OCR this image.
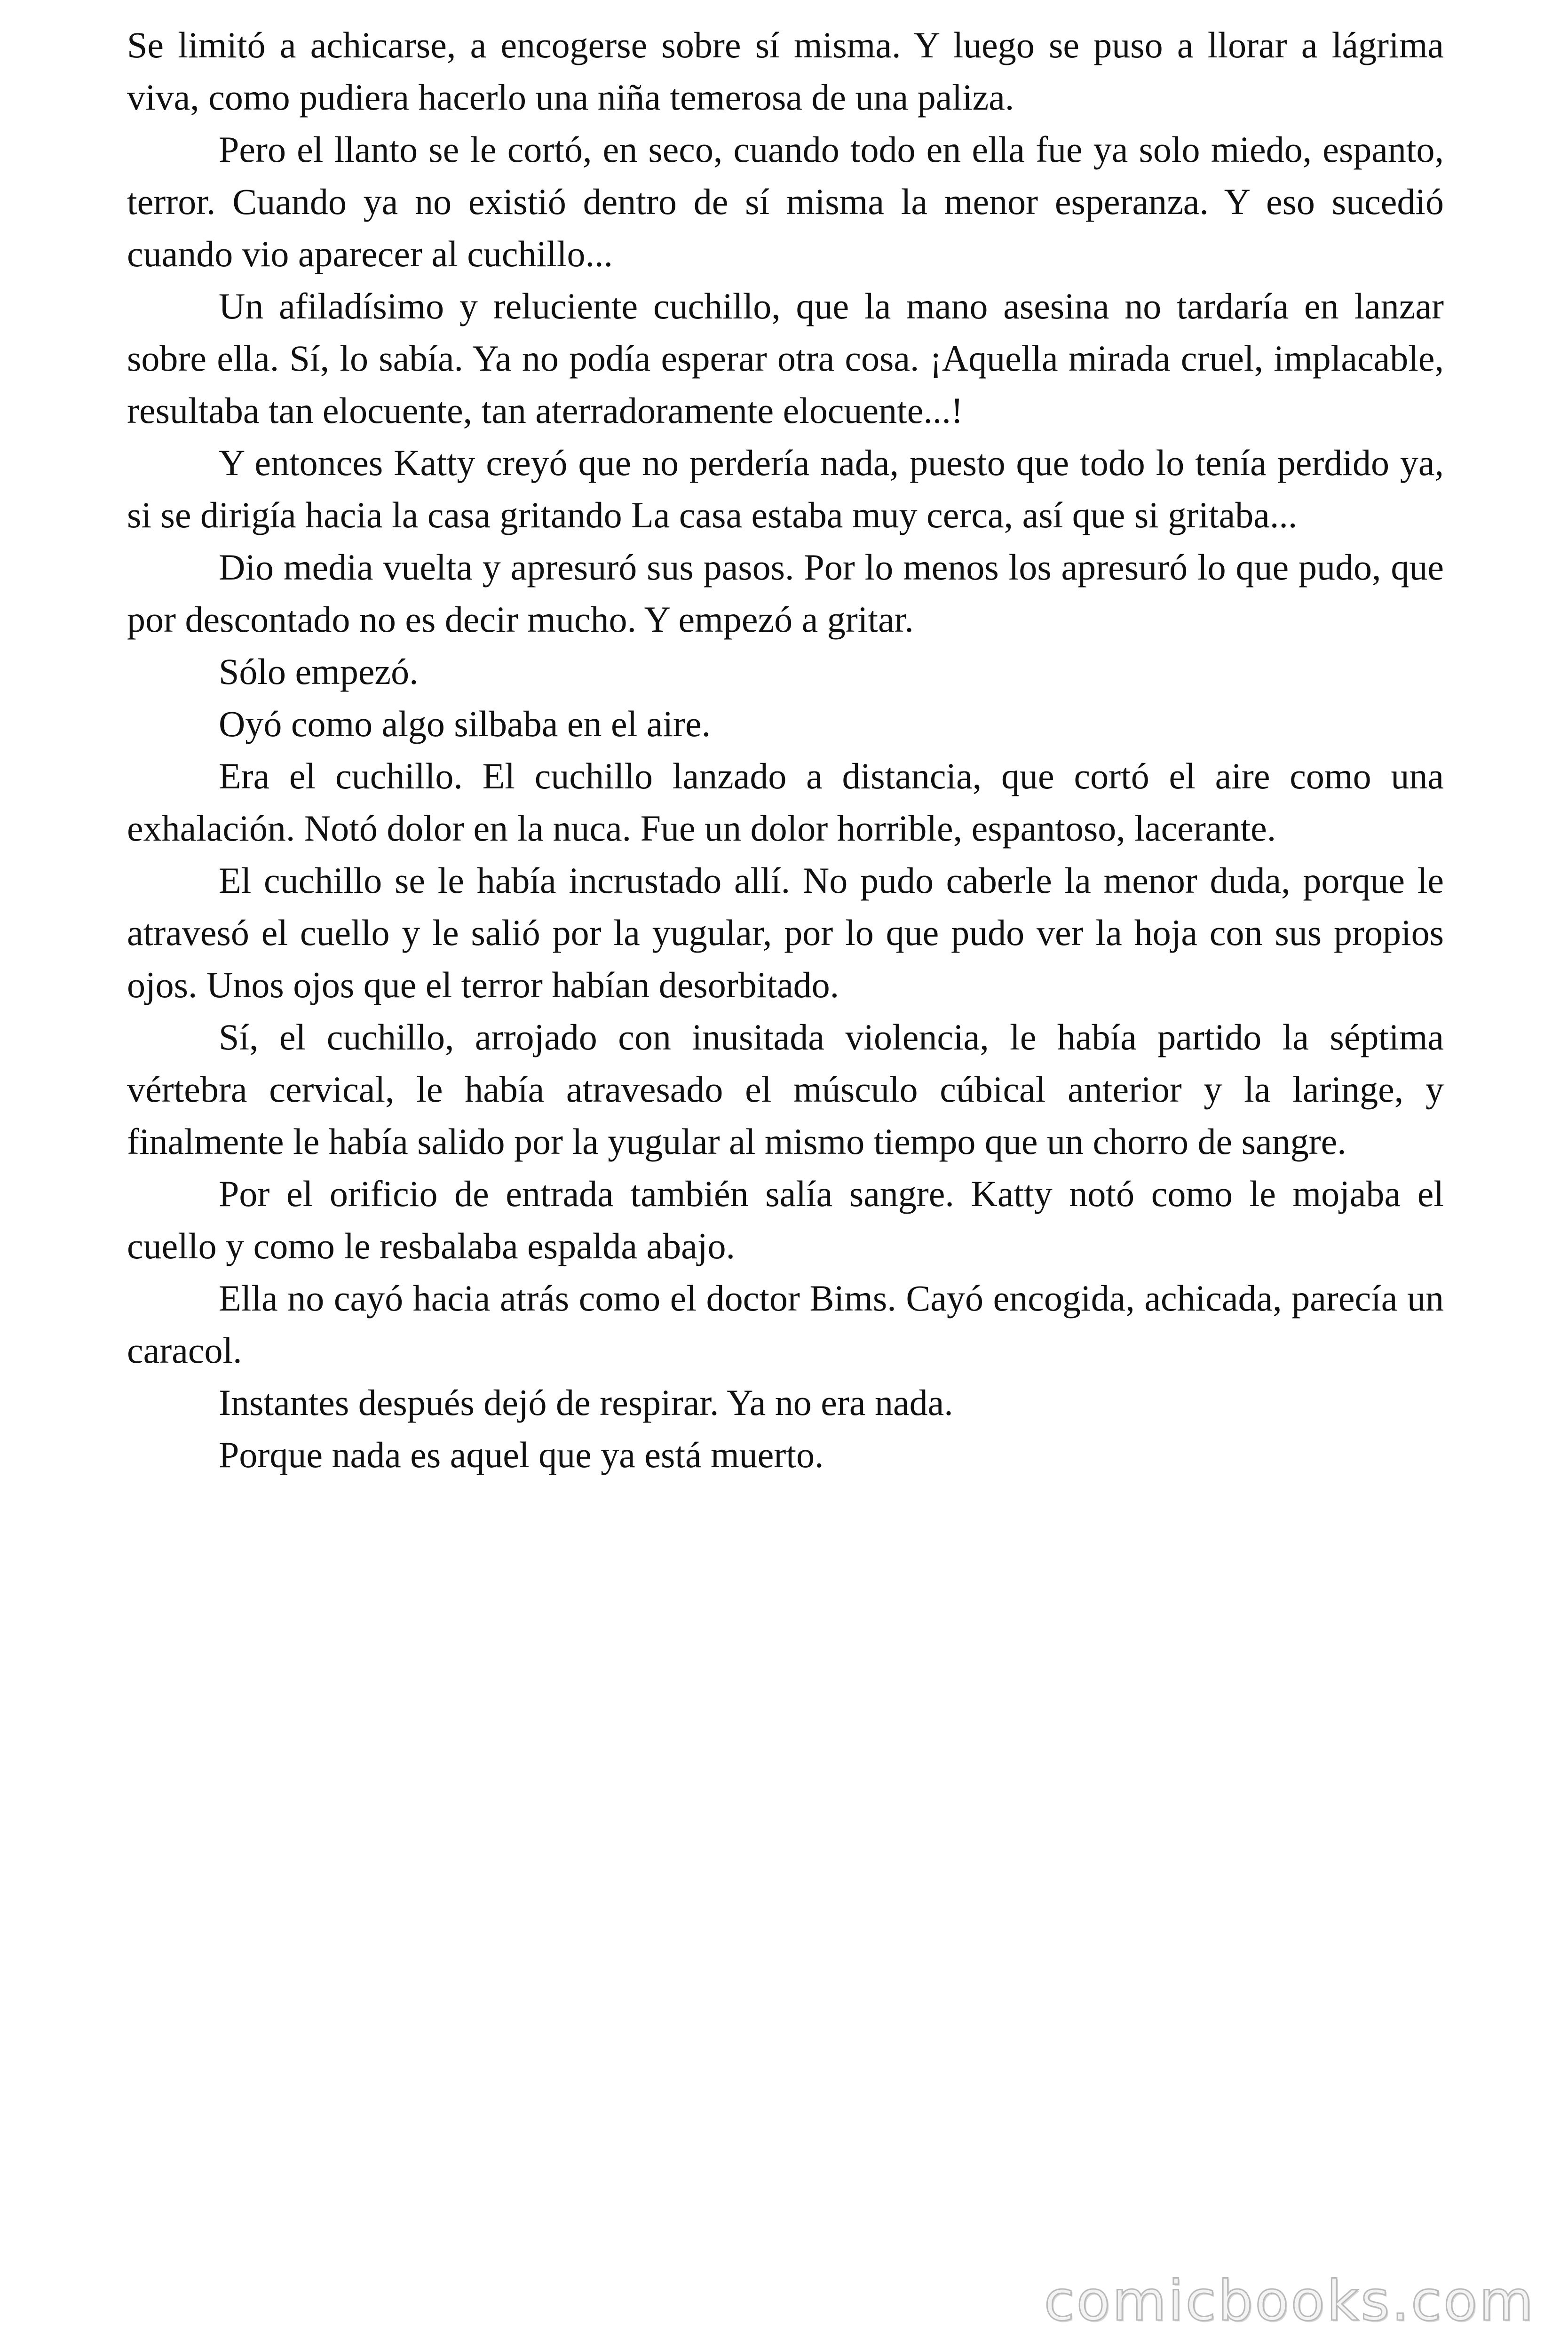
Se limitó a achicarse, a encogerse sobre sí misma. Y luego se puso a llorar a lágrima viva, como pudiera hacerlo una niña temerosa de una paliza.

Pero el llanto se le cortó, en seco, cuando todo en ella fue ya solo miedo, espanto, terror. Cuando ya no existió dentro de sí misma la menor esperanza. Y eso sucedió cuando vio aparecer al cuchillo...

Un afiladísimo y reluciente cuchillo, que la mano asesina no tardaría en lanzar sobre ella. Sí, lo sabía. Ya no podía esperar otra cosa. ¡Aquella mirada cruel, implacable, resultaba tan elocuente, tan aterradoramente elocuente...!

Y entonces Katty creyó que no perdería nada, puesto que todo lo tenía perdido ya, si se dirigía hacia la casa gritando La casa estaba muy cerca, así que si gritaba...

Dio media vuelta y apresuró sus pasos. Por lo menos los apresuró lo que pudo, que por descontado no es decir mucho. Y empezó a gritar.

Sólo empezó.

Oyó como algo silbaba en el aire.

Era el cuchillo. El cuchillo lanzado a distancia, que cortó el aire como una exhalación. Notó dolor en la nuca. Fue un dolor horrible, espantoso, lacerante.

El cuchillo se le había incrustado allí. No pudo caberle la menor duda, porque le atravesó el cuello y le salió por la yugular, por lo que pudo ver la hoja con sus propios ojos. Unos ojos que el terror habían desorbitado.

Sí, el cuchillo, arrojado con inusitada violencia, le había partido la séptima vértebra cervical, le había atravesado el músculo cúbical anterior y la laringe, y finalmente le había salido por la yugular al mismo tiempo que un chorro de sangre.

Por el orificio de entrada también salía sangre. Katty notó como le mojaba el cuello y como le resbalaba espalda abajo.

Ella no cayó hacia atrás como el doctor Bims. Cayó encogida, achicada, parecía un caracol.

Instantes después dejó de respirar. Ya no era nada.

Porque nada es aquel que ya está muerto.

comicbooks.com
